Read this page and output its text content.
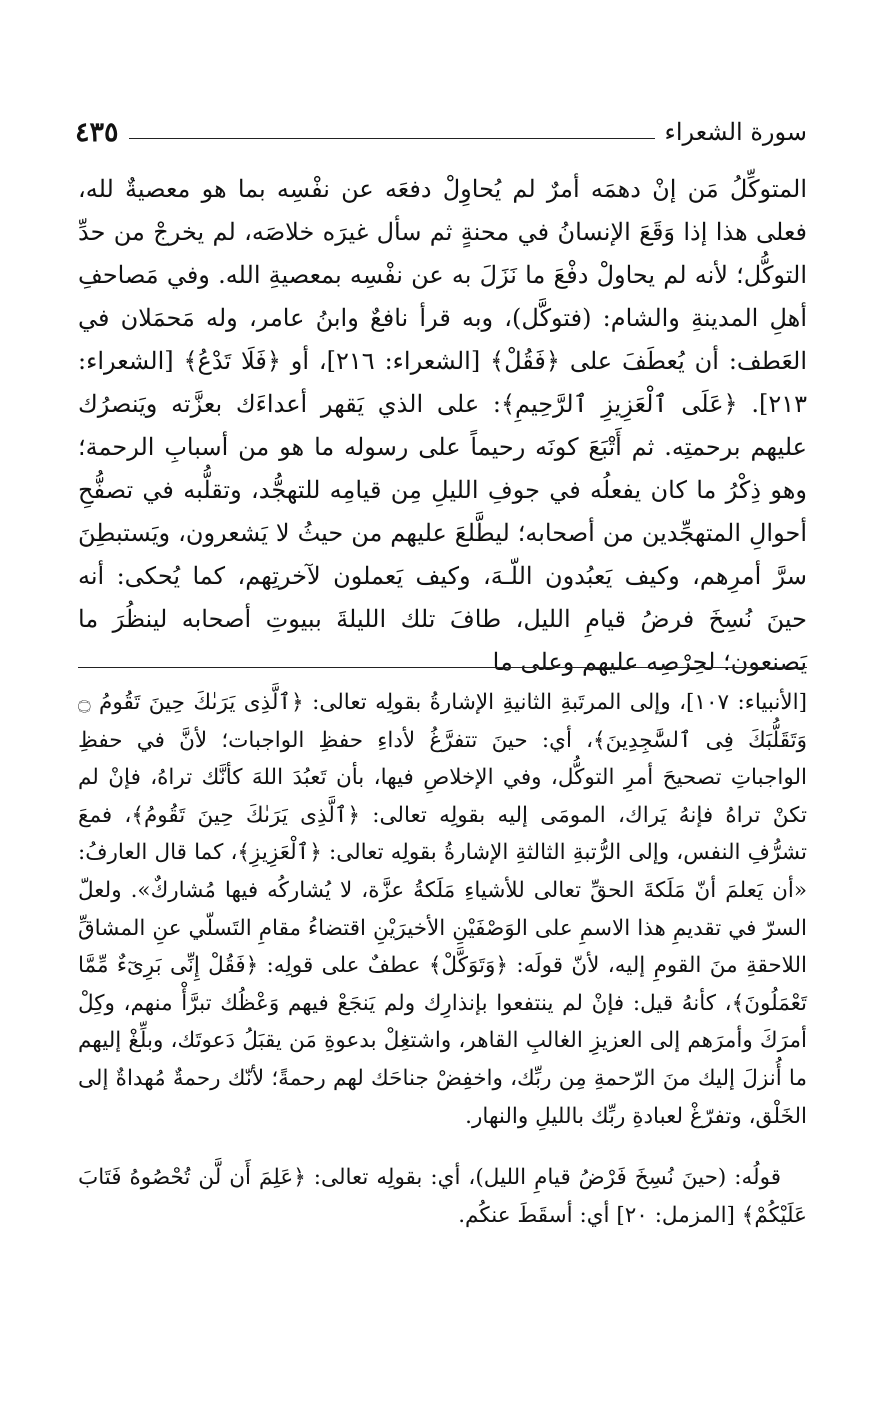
سورة الشعراء
٤٣٥

المتوكِّلُ مَن إنْ دهمَه أمرٌ لم يُحاوِلْ دفعَه عن نفْسِه بما هو معصيةٌ لله، فعلى هذا إذا وَقَعَ الإنسانُ في محنةٍ ثم سأل غيرَه خلاصَه، لم يخرجْ من حدِّ التوكُّل؛ لأنه لم يحاولْ دفْعَ ما نَزَلَ به عن نفْسِه بمعصيةِ الله. وفي مَصاحفِ أهلِ المدينةِ والشام: (فتوكَّل)، وبه قرأ نافعٌ وابنُ عامر، وله مَحمَلان في العَطف: أن يُعطَفَ على ﴿فَقُلْ﴾ [الشعراء: ٢١٦]، أو ﴿فَلَا تَدْعُ﴾ [الشعراء: ٢١٣]. ﴿عَلَى ٱلْعَزِيزِ ٱلرَّحِيمِ﴾: على الذي يَقهر أعداءَك بعزَّته ويَنصرُك عليهم برحمتِه. ثم أَتْبَعَ كونَه رحيماً على رسوله ما هو من أسبابِ الرحمة؛ وهو ذِكْرُ ما كان يفعلُه في جوفِ الليلِ مِن قيامِه للتهجُّد، وتقلُّبه في تصفُّحِ أحوالِ المتهجِّدين من أصحابه؛ ليطَّلعَ عليهم من حيثُ لا يَشعرون، ويَستبطِنَ سرَّ أمرِهم، وكيف يَعبُدون اللّـهَ، وكيف يَعملون لآخرتِهم، كما يُحكى: أنه حينَ نُسِخَ فرضُ قيامِ الليل، طافَ تلك الليلةَ ببيوتِ أصحابه لينظُرَ ما يَصنعون؛ لحِرْصِه عليهم وعلى ما

[الأنبياء: ١٠٧]، وإلى المرتَبةِ الثانيةِ الإشارةُ بقولِه تعالى: ﴿ٱلَّذِى يَرَىٰكَ حِينَ تَقُومُ ۝ وَتَقَلُّبَكَ فِى ٱلسَّٰجِدِينَ﴾، أي: حينَ تتفرَّغُ لأداءِ حفظِ الواجبات؛ لأنَّ في حفظِ الواجباتِ تصحيحَ أمرِ التوكُّل، وفي الإخلاصِ فيها، بأن تَعبُدَ اللهَ كأنَّك تراهُ، فإنْ لم تكنْ تراهُ فإنهُ يَراك، المومَى إليه بقولِه تعالى: ﴿ٱلَّذِى يَرَىٰكَ حِينَ تَقُومُ﴾، فمعَ تشرُّفِ النفس، وإلى الرُّتبةِ الثالثةِ الإشارةُ بقولِه تعالى: ﴿ٱلْعَزِيزِ﴾، كما قال العارفُ: «أن يَعلمَ أنّ مَلَكةَ الحقِّ تعالى للأشياءِ مَلَكةُ عزَّة، لا يُشاركُه فيها مُشاركٌ». ولعلّ السرّ في تقديمِ هذا الاسمِ على الوَصْفَيْنِ الأخيرَيْنِ اقتضاءُ مقامِ التَسلّي عنِ المشاقِّ اللاحقةِ منَ القومِ إليه، لأنّ قولَه: ﴿وَتَوَكَّلْ﴾ عطفٌ على قولِه: ﴿فَقُلْ إِنِّى بَرِىٓءٌ مِّمَّا تَعْمَلُونَ﴾، كأنهُ قيل: فإنْ لم ينتفعوا بإنذارِك ولم يَنجَعْ فيهم وَعْظُك تبرَّأْ منهم، وكِلْ أمرَكَ وأمرَهم إلى العزيزِ الغالبِ القاهر، واشتغِلْ بدعوةِ مَن يقبَلُ دَعوتَك، وبلِّغْ إليهم ما أُنزلَ إليك منَ الرّحمةِ مِن ربِّك، واخفِضْ جناحَك لهم رحمةً؛ لأنّك رحمةٌ مُهداةٌ إلى الخَلْق، وتفرّغْ لعبادةِ ربِّك بالليلِ والنهار.

قولُه: (حينَ نُسِخَ فَرْضُ قيامِ الليل)، أي: بقولِه تعالى: ﴿عَلِمَ أَن لَّن تُحْصُوهُ فَتَابَ عَلَيْكُمْ﴾ [المزمل: ٢٠] أي: أسقَطَ عنكُم.
